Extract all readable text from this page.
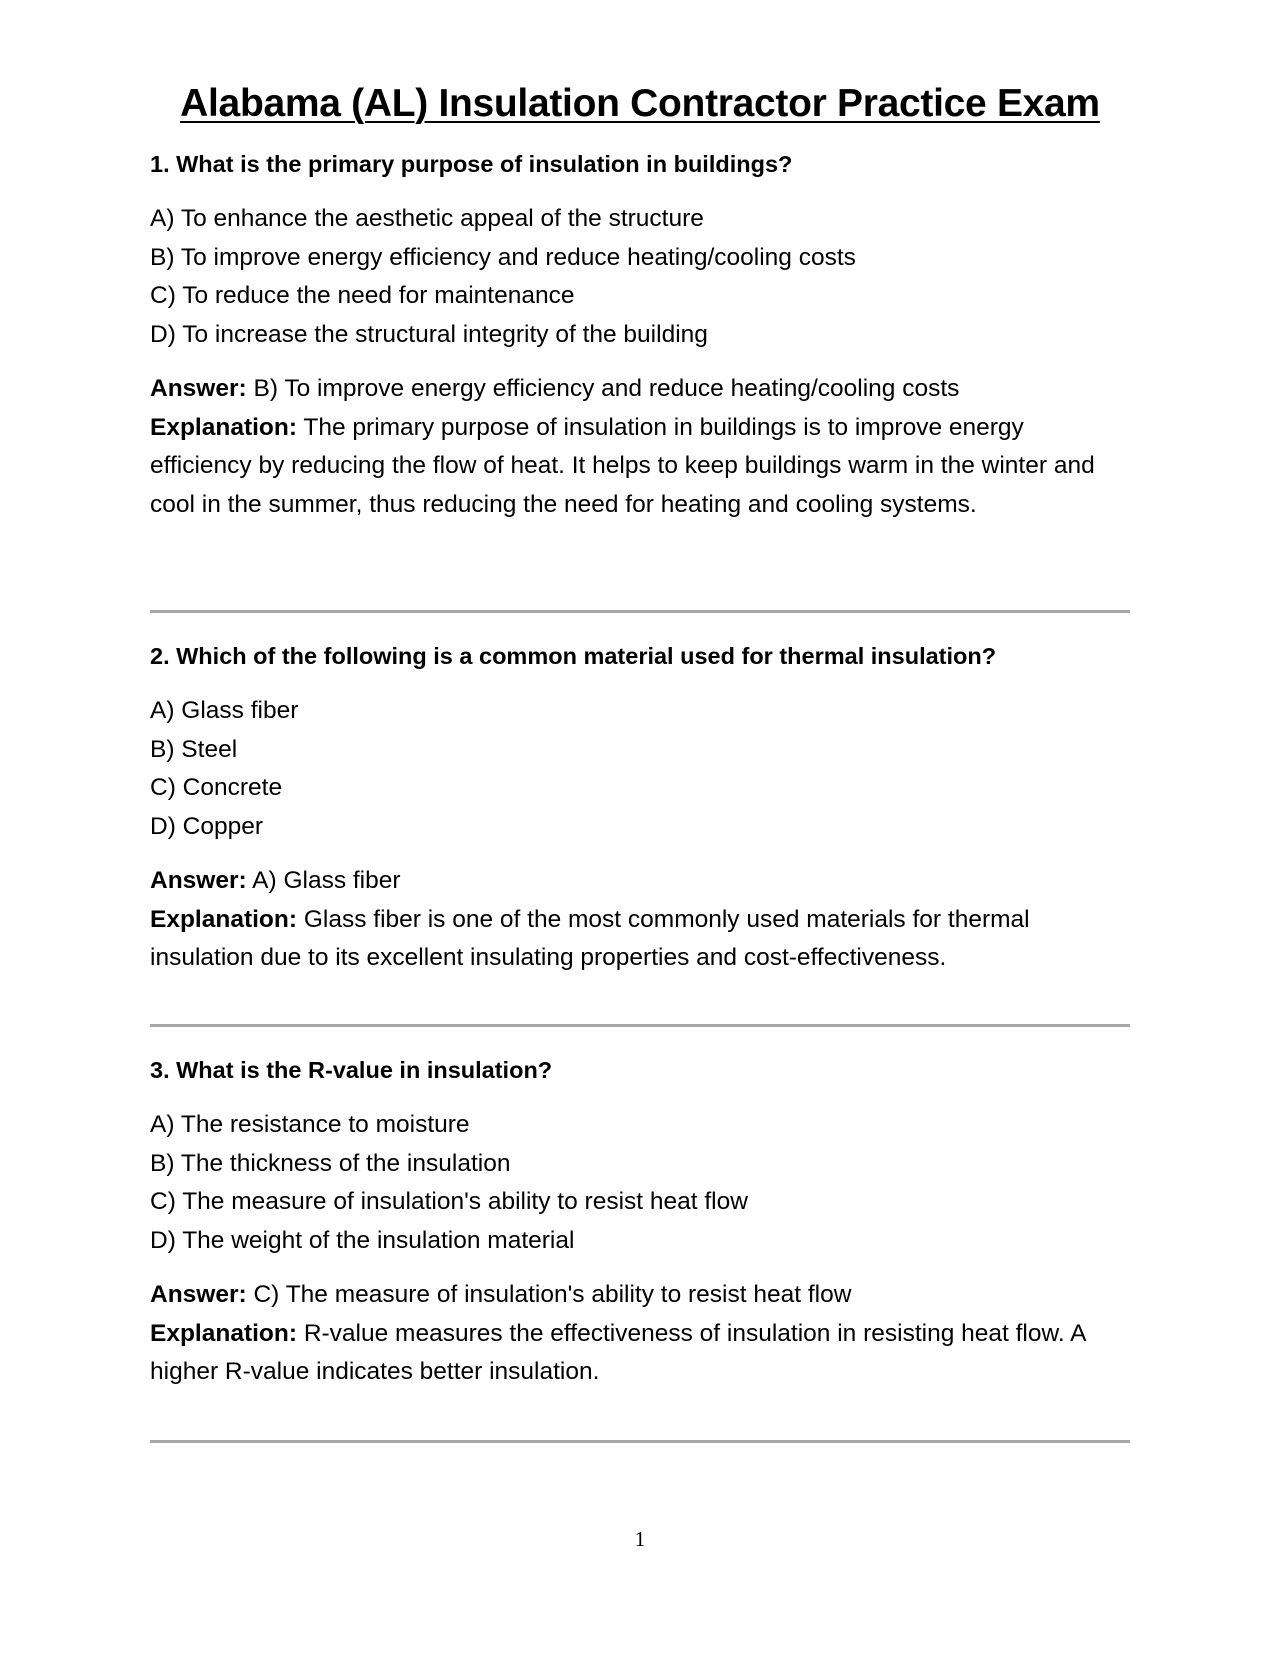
Alabama (AL) Insulation Contractor Practice Exam

1. What is the primary purpose of insulation in buildings?

A) To enhance the aesthetic appeal of the structure
B) To improve energy efficiency and reduce heating/cooling costs
C) To reduce the need for maintenance
D) To increase the structural integrity of the building
Answer: B) To improve energy efficiency and reduce heating/cooling costs
Explanation: The primary purpose of insulation in buildings is to improve energy efficiency by reducing the flow of heat. It helps to keep buildings warm in the winter and cool in the summer, thus reducing the need for heating and cooling systems.

2. Which of the following is a common material used for thermal insulation?

A) Glass fiber
B) Steel
C) Concrete
D) Copper
Answer: A) Glass fiber
Explanation: Glass fiber is one of the most commonly used materials for thermal insulation due to its excellent insulating properties and cost-effectiveness.

3. What is the R-value in insulation?

A) The resistance to moisture
B) The thickness of the insulation
C) The measure of insulation's ability to resist heat flow
D) The weight of the insulation material
Answer: C) The measure of insulation's ability to resist heat flow
Explanation: R-value measures the effectiveness of insulation in resisting heat flow. A higher R-value indicates better insulation.
1
